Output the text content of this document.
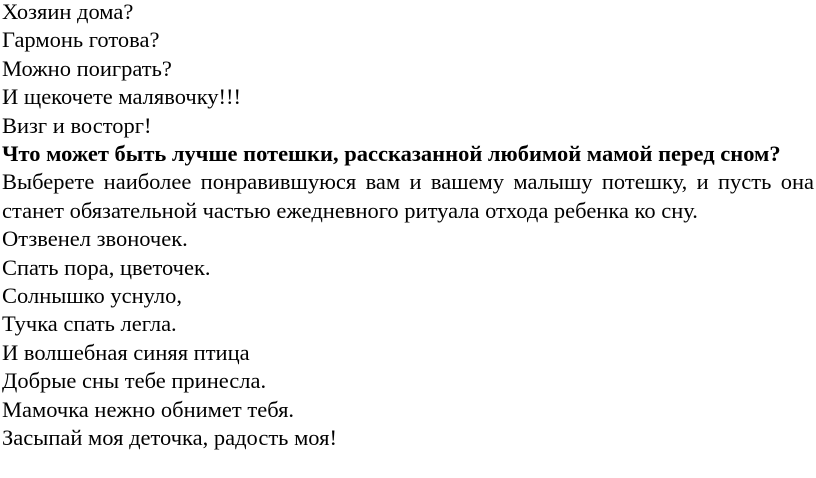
Хозяин дома?

Гармонь готова?

Можно поиграть?

И щекочете малявочку!!!

Визг и восторг!

Что может быть лучше потешки, рассказанной любимой мамой перед сном?

Выберете наиболее понравившуюся вам и вашему малышу потешку, и пусть она станет обязательной частью ежедневного ритуала отхода ребенка ко сну.

Отзвенел звоночек.

Спать пора, цветочек.

Солнышко уснуло,

Тучка спать легла.

И волшебная синяя птица

Добрые сны тебе принесла.

Мамочка нежно обнимет тебя.

Засыпай моя деточка, радость моя!
